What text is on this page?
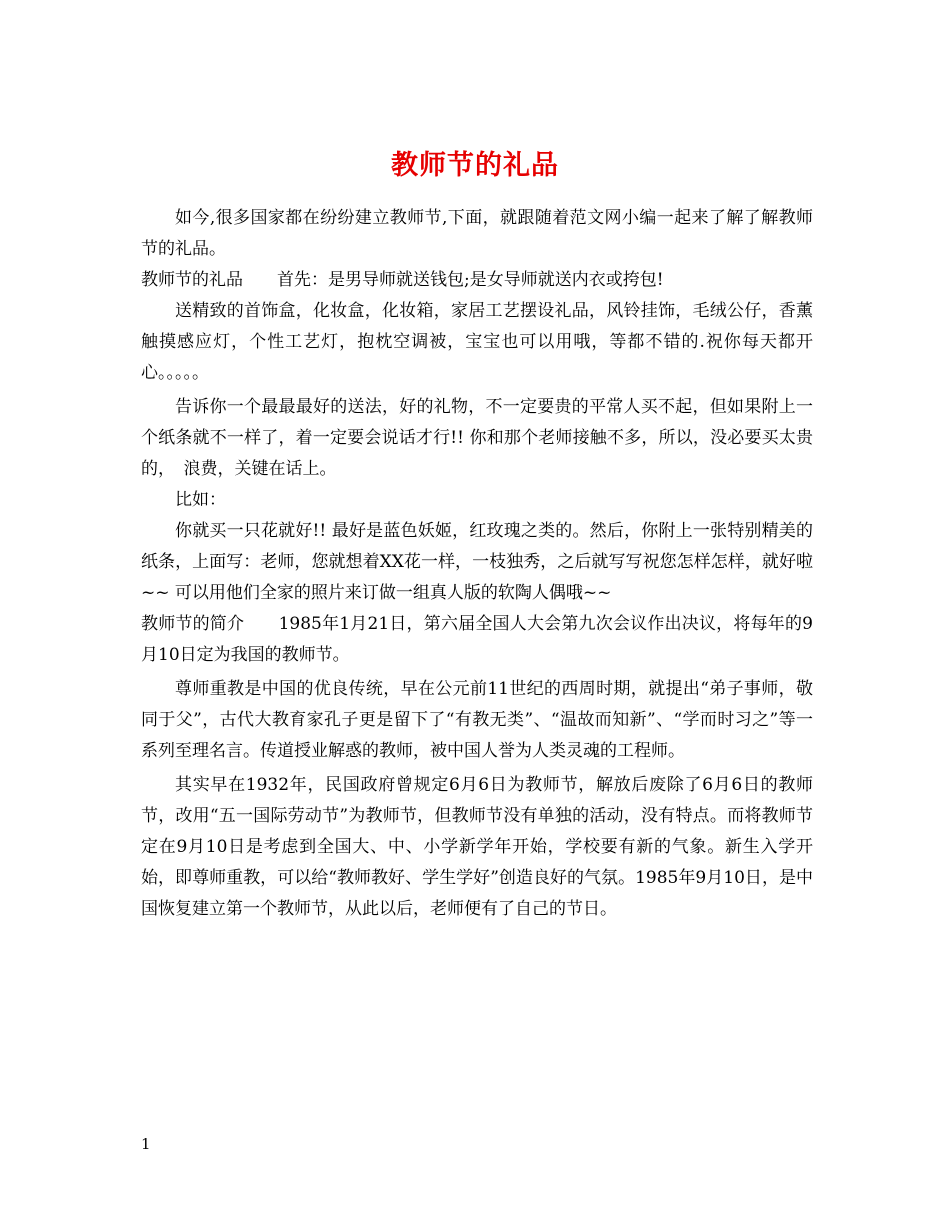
教师节的礼品

如今,很多国家都在纷纷建立教师节,下面，就跟随着范文网小编一起来了解了解教师节的礼品。

教师节的礼品　　首先：是男导师就送钱包;是女导师就送内衣或挎包!

送精致的首饰盒，化妆盒，化妆箱，家居工艺摆设礼品，风铃挂饰，毛绒公仔，香薰触摸感应灯，个性工艺灯，抱枕空调被，宝宝也可以用哦，等都不错的.祝你每天都开心。。。。。

告诉你一个最最最好的送法，好的礼物，不一定要贵的平常人买不起，但如果附上一个纸条就不一样了，着一定要会说话才行!! 你和那个老师接触不多，所以，没必要买太贵的，　浪费，关键在话上。

比如：

你就买一只花就好!! 最好是蓝色妖姬，红玫瑰之类的。然后，你附上一张特别精美的纸条，上面写：老师，您就想着XX花一样，一枝独秀，之后就写写祝您怎样怎样，就好啦~~ 可以用他们全家的照片来订做一组真人版的软陶人偶哦~~

教师节的简介　　1985年1月21日，第六届全国人大会第九次会议作出决议，将每年的9月10日定为我国的教师节。

尊师重教是中国的优良传统，早在公元前11世纪的西周时期，就提出“弟子事师，敬同于父”，古代大教育家孔子更是留下了“有教无类”、“温故而知新”、“学而时习之”等一系列至理名言。传道授业解惑的教师，被中国人誉为人类灵魂的工程师。

其实早在1932年，民国政府曾规定6月6日为教师节，解放后废除了6月6日的教师节，改用“五一国际劳动节”为教师节，但教师节没有单独的活动，没有特点。而将教师节定在9月10日是考虑到全国大、中、小学新学年开始，学校要有新的气象。新生入学开始，即尊师重教，可以给“教师教好、学生学好”创造良好的气氛。1985年9月10日，是中国恢复建立第一个教师节，从此以后，老师便有了自己的节日。

1
